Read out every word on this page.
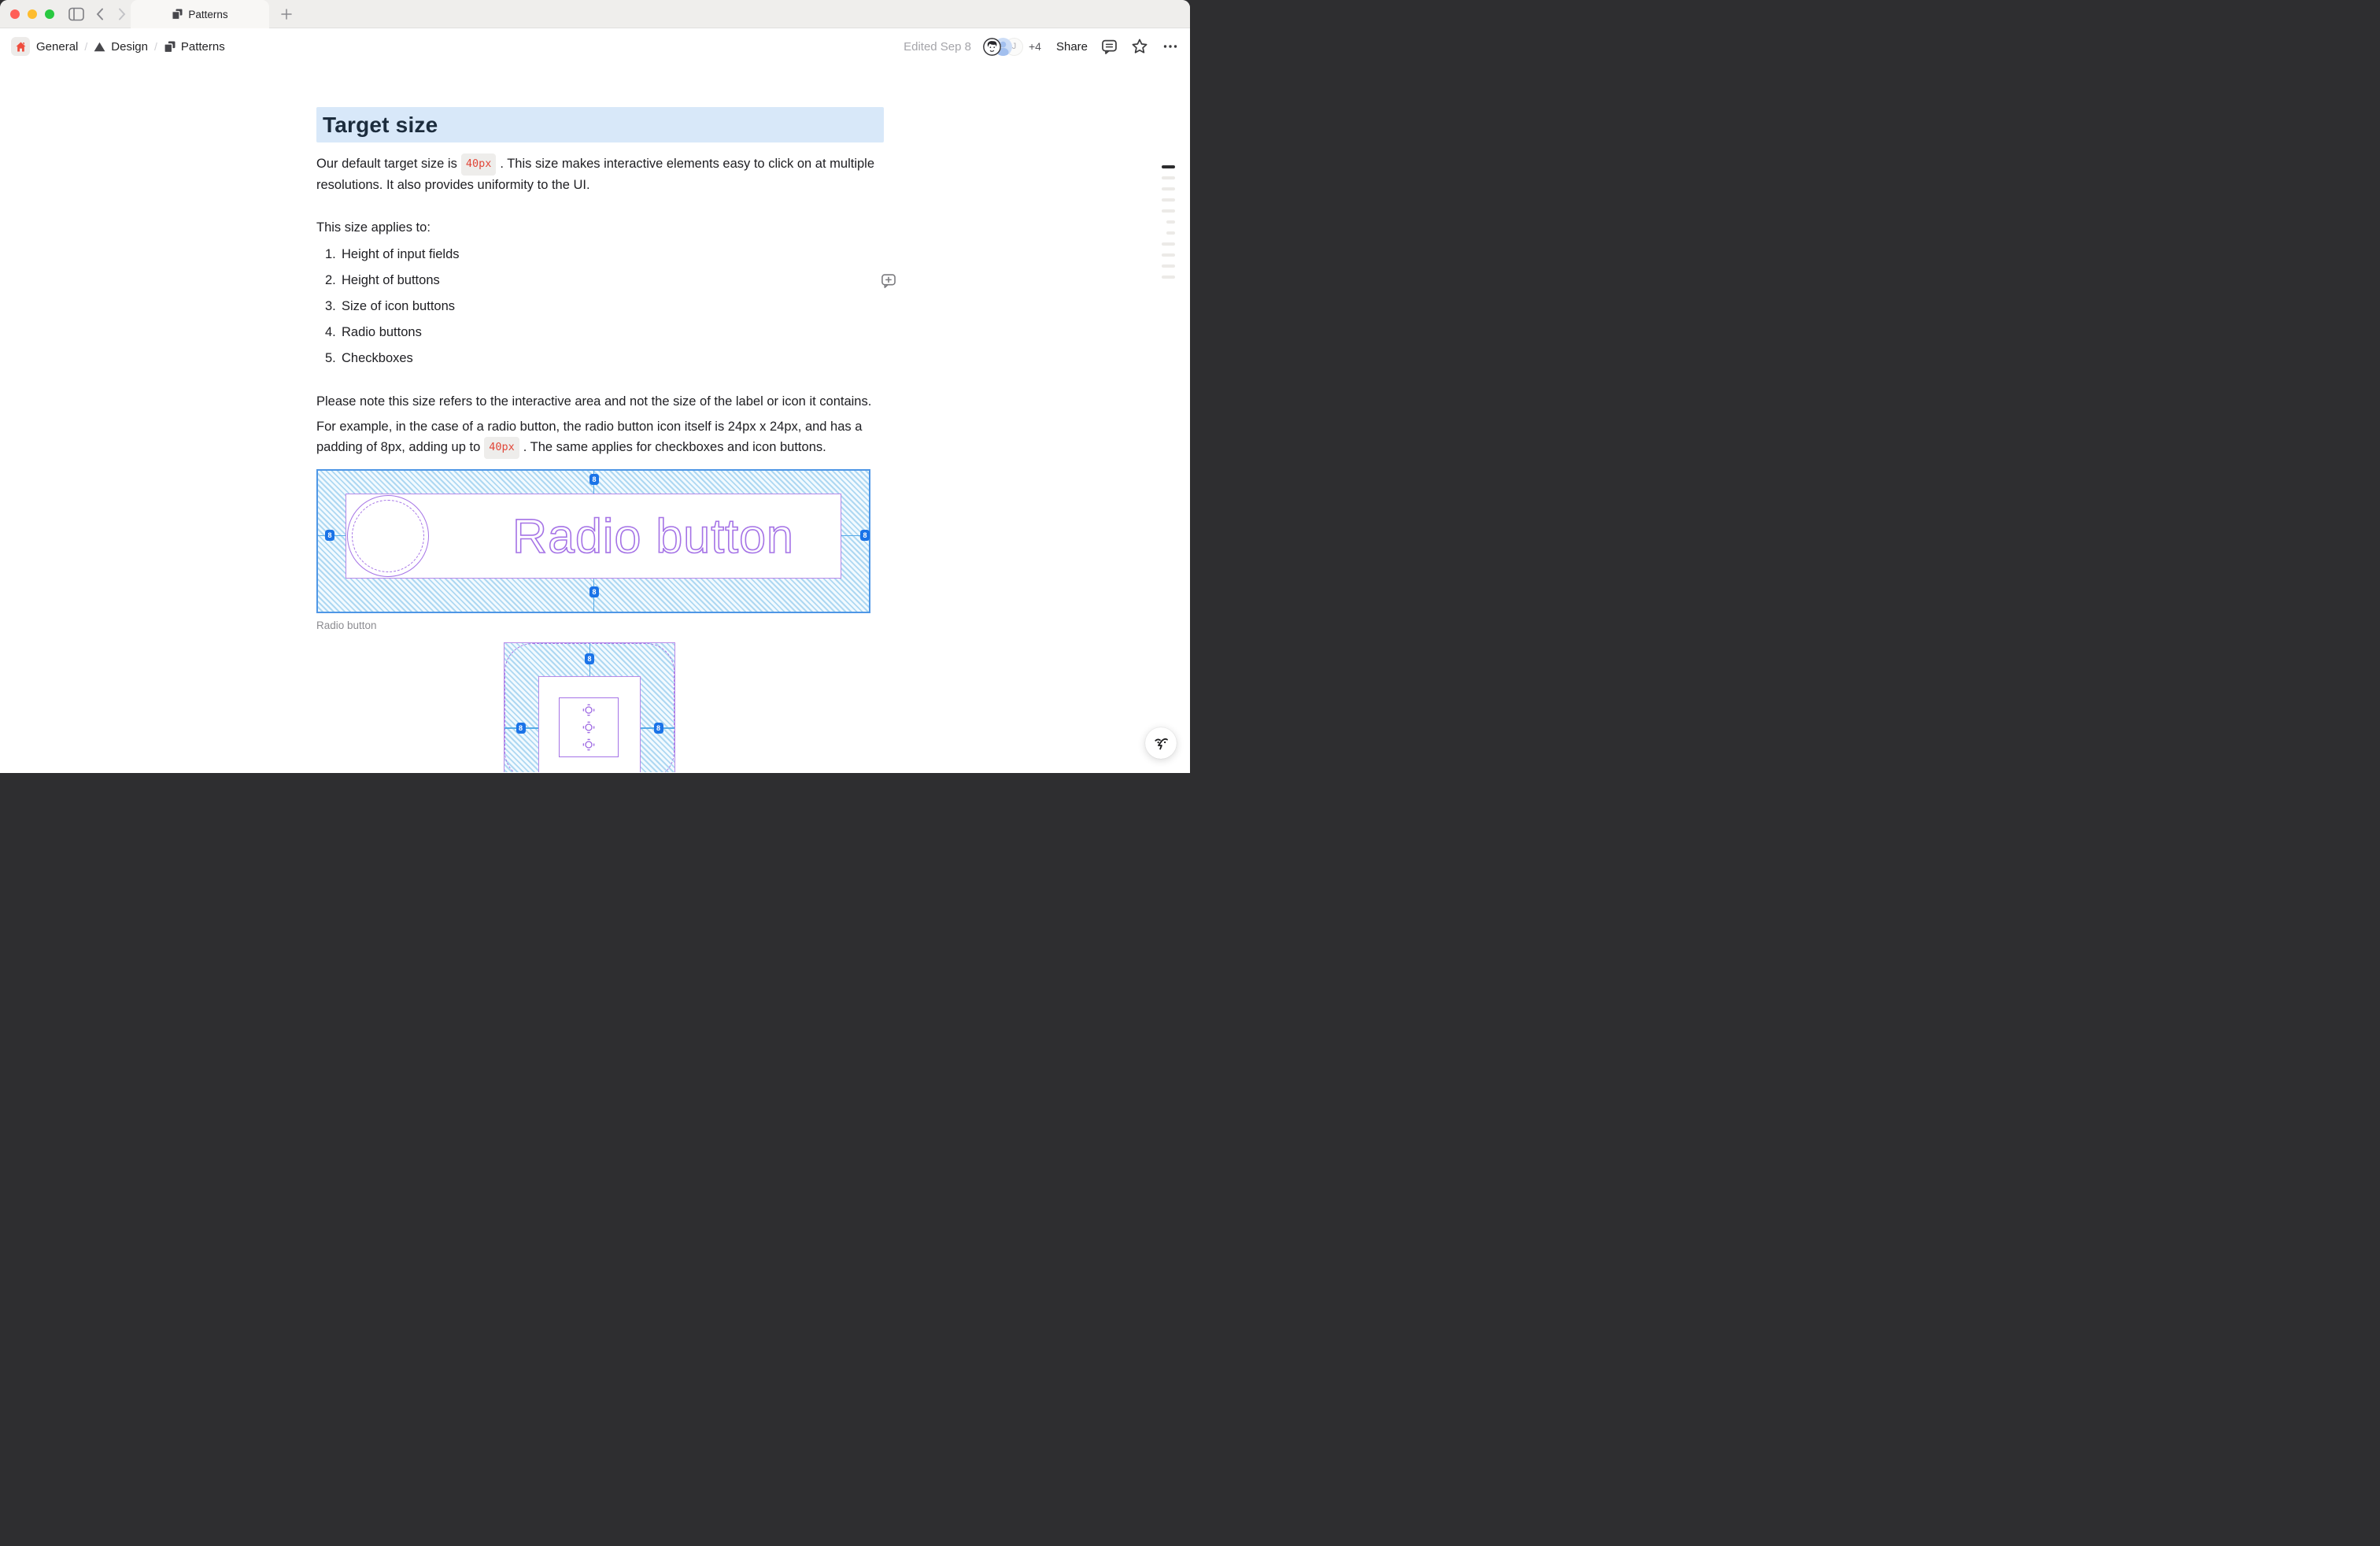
Patterns
General / Design / Patterns	Edited Sep 8	J +4 Share
Target size

Our default target size is 40px . This size makes interactive elements easy to click on at multiple resolutions. It also provides uniformity to the UI.

This size applies to:

1. Height of input fields
2. Height of buttons
3. Size of icon buttons
4. Radio buttons
5. Checkboxes

Please note this size refers to the interactive area and not the size of the label or icon it contains.

For example, in the case of a radio button, the radio button icon itself is 24px x 24px, and has a padding of 8px, adding up to 40px . The same applies for checkboxes and icon buttons.

Radio button
8
8
8	8
Radio button
8
8	8
